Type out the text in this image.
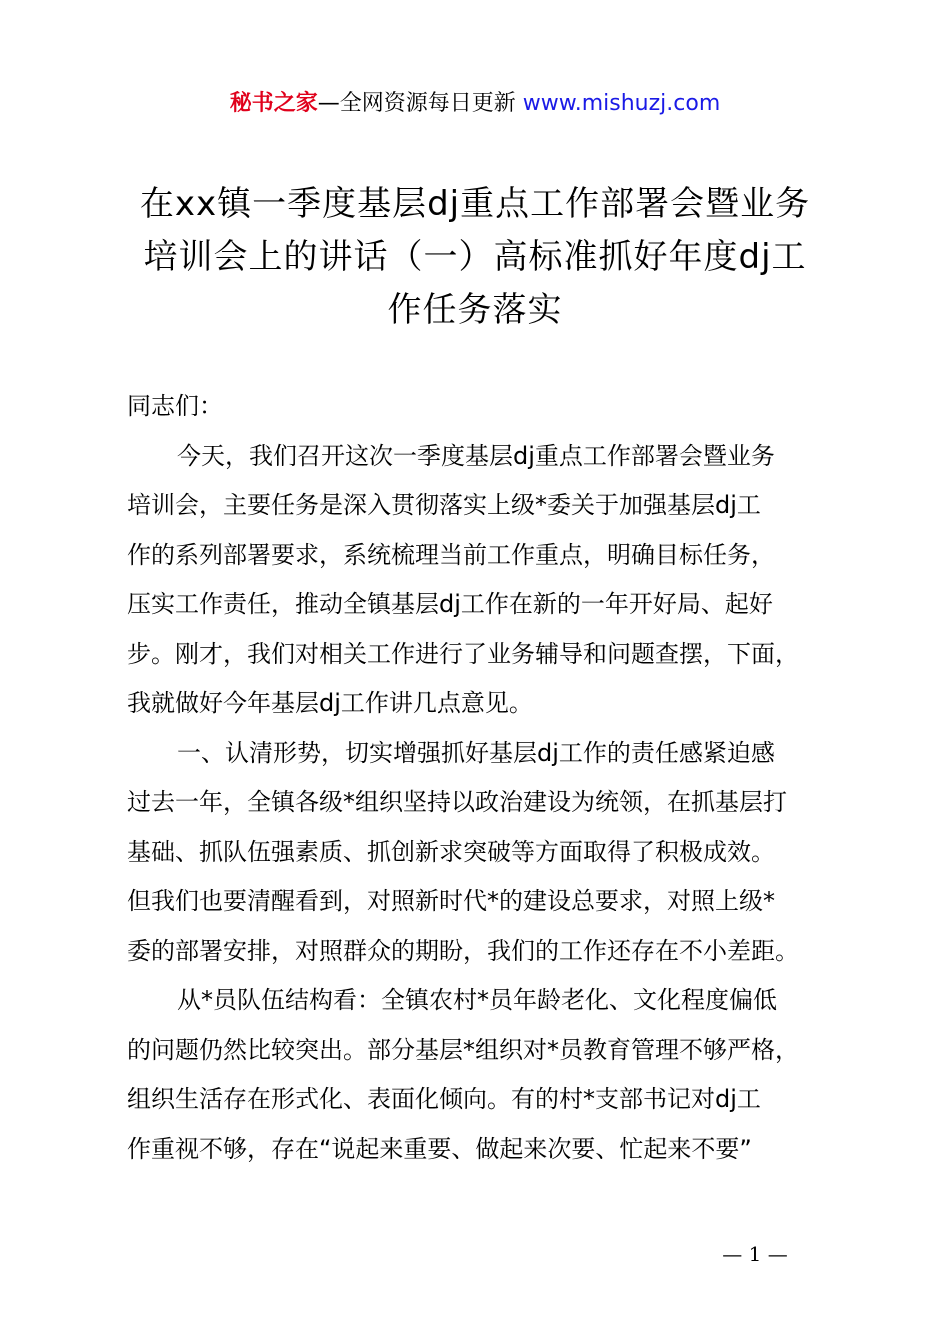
秘书之家—全网资源每日更新 www.mishuzj.com
在xx镇一季度基层dj重点工作部署会暨业务
培训会上的讲话（一）高标准抓好年度dj工
作任务落实
同志们：
今天，我们召开这次一季度基层dj重点工作部署会暨业务
培训会，主要任务是深入贯彻落实上级*委关于加强基层dj工
作的系列部署要求，系统梳理当前工作重点，明确目标任务，
压实工作责任，推动全镇基层dj工作在新的一年开好局、起好
步。刚才，我们对相关工作进行了业务辅导和问题查摆，下面，
我就做好今年基层dj工作讲几点意见。
一、认清形势，切实增强抓好基层dj工作的责任感紧迫感
过去一年，全镇各级*组织坚持以政治建设为统领，在抓基层打
基础、抓队伍强素质、抓创新求突破等方面取得了积极成效。
但我们也要清醒看到，对照新时代*的建设总要求，对照上级*
委的部署安排，对照群众的期盼，我们的工作还存在不小差距。
从*员队伍结构看：全镇农村*员年龄老化、文化程度偏低
的问题仍然比较突出。部分基层*组织对*员教育管理不够严格，
组织生活存在形式化、表面化倾向。有的村*支部书记对dj工
作重视不够，存在“说起来重要、做起来次要、忙起来不要”
— 1 —
